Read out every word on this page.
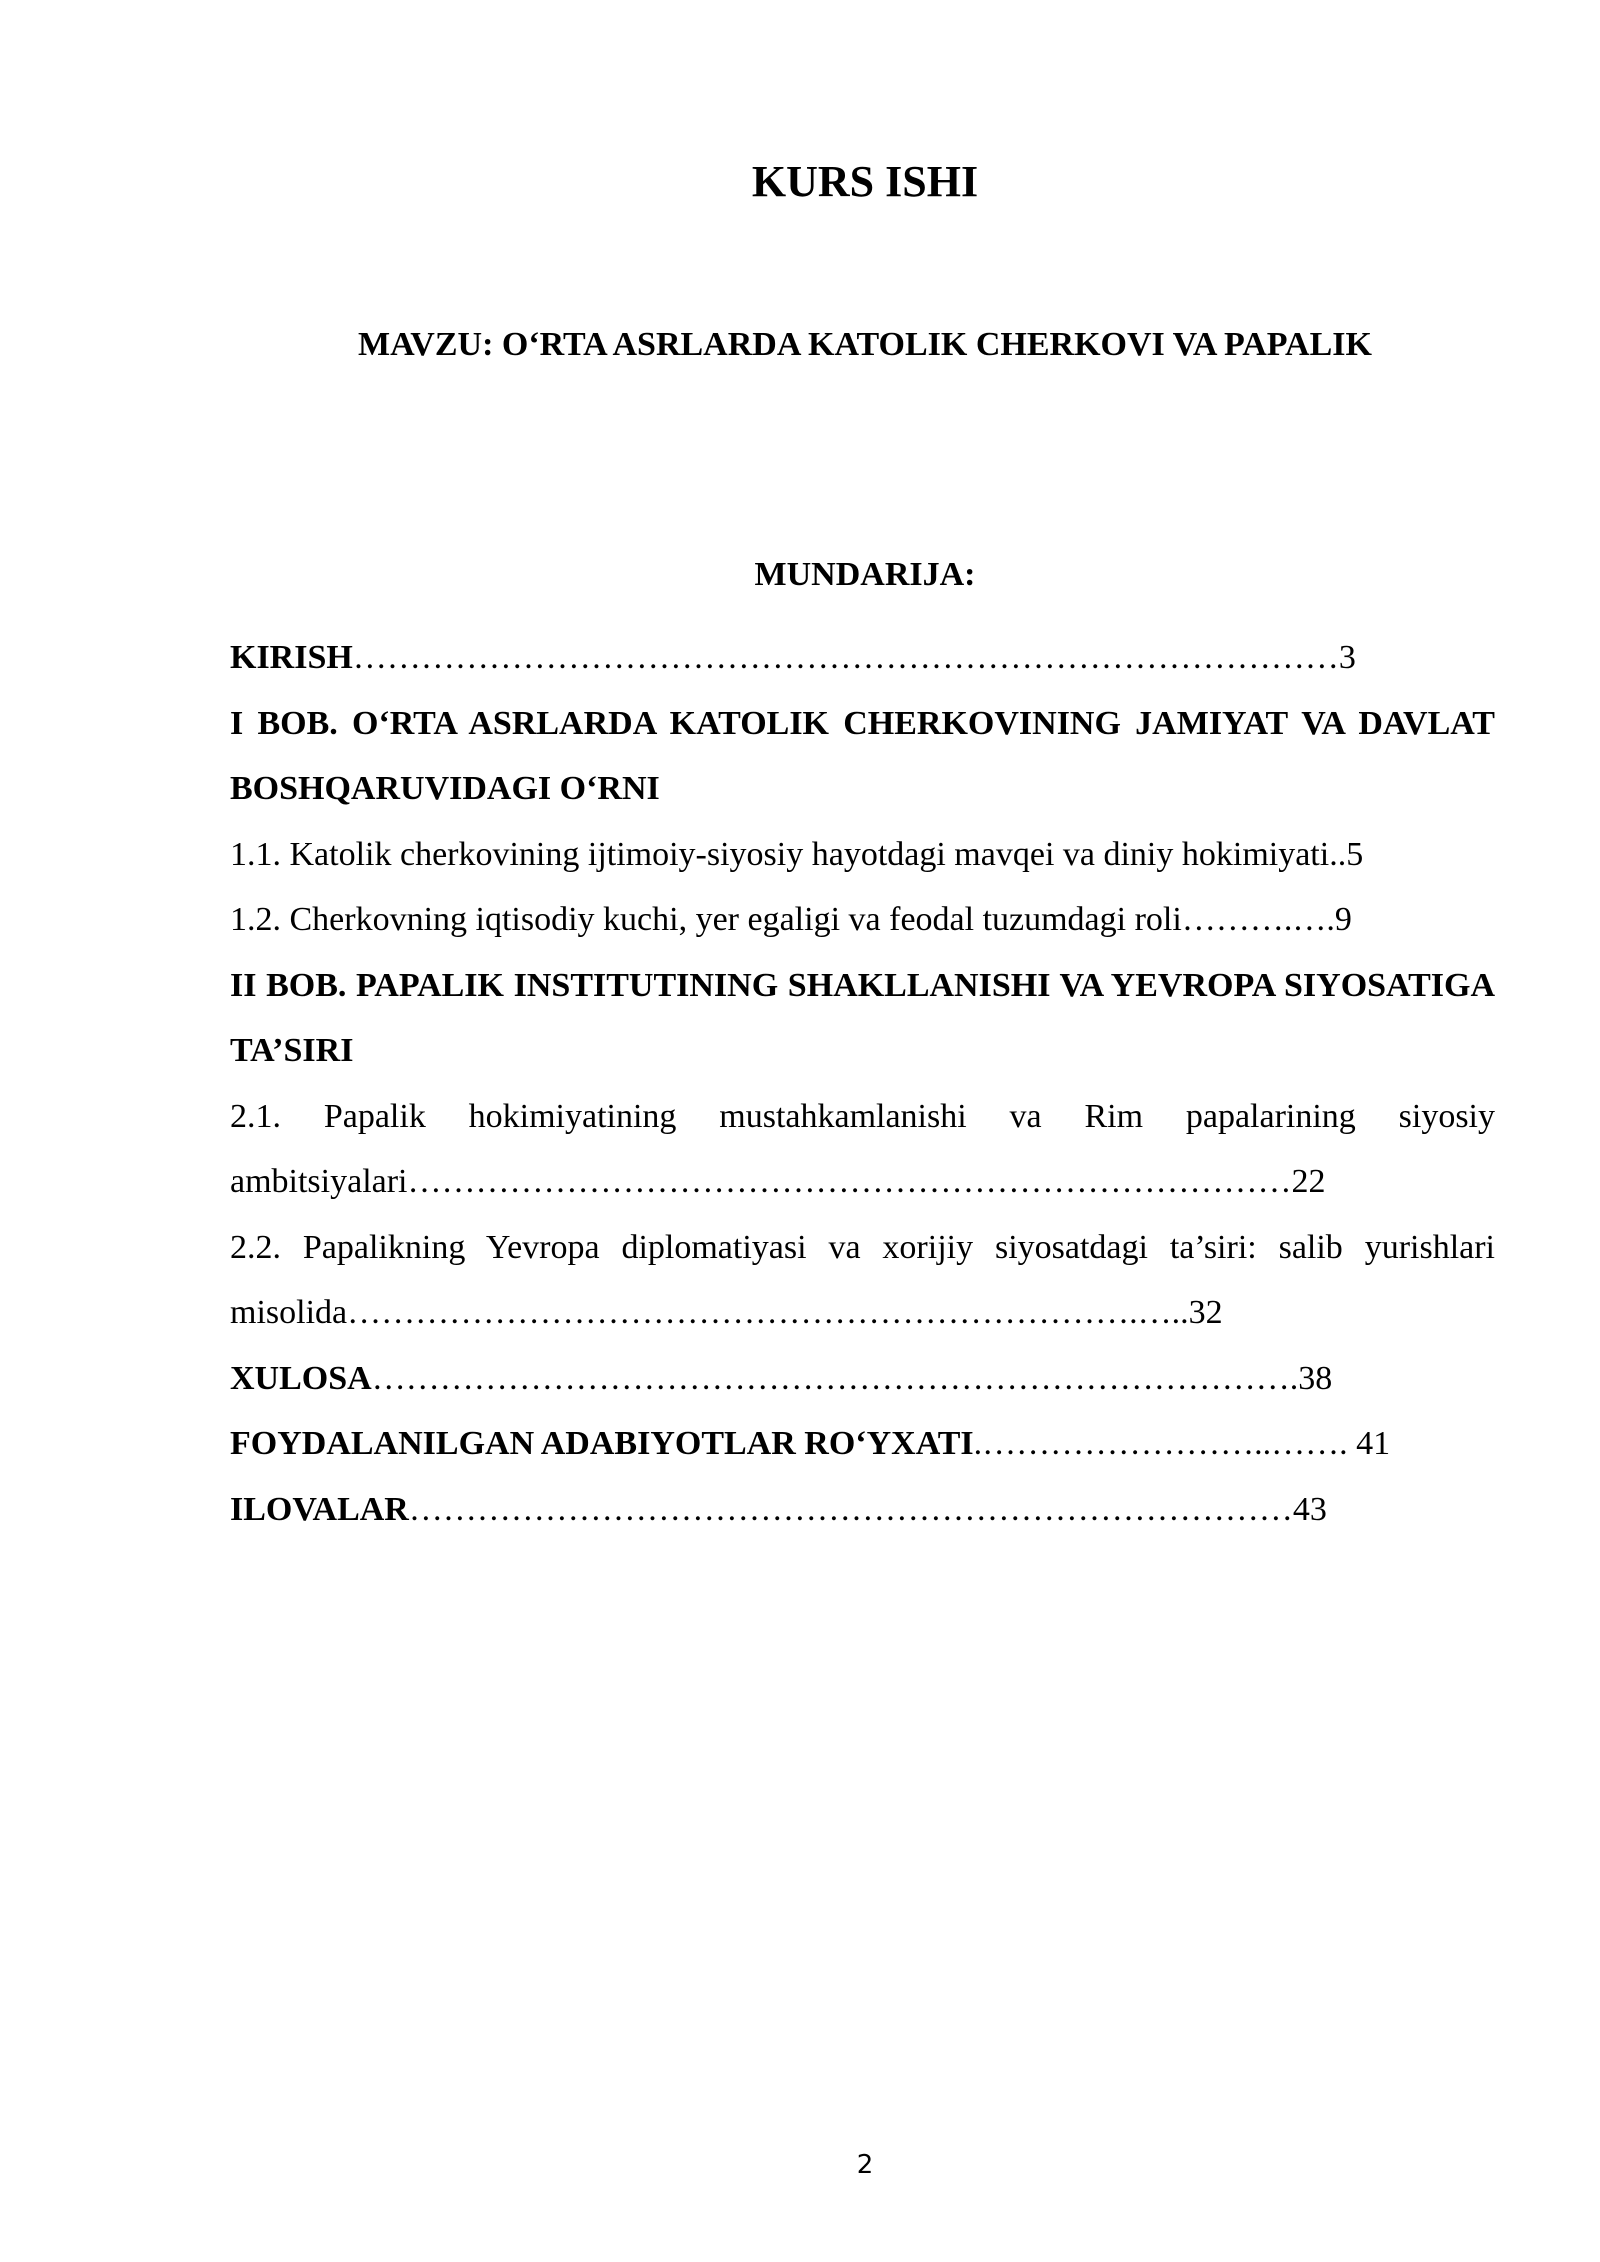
KURS ISHI
MAVZU: O‘RTA ASRLARDA KATOLIK CHERKOVI VA PAPALIK
MUNDARIJA:

KIRISH……………………………………………………………………………3

I BOB. O‘RTA ASRLARDA KATOLIK CHERKOVINING JAMIYAT VA DAVLAT BOSHQARUVIDAGI O‘RNI

1.1. Katolik cherkovining ijtimoiy-siyosiy hayotdagi mavqei va diniy hokimiyati..5

1.2. Cherkovning iqtisodiy kuchi, yer egaligi va feodal tuzumdagi roli……….….9

II BOB. PAPALIK INSTITUTINING SHAKLLANISHI VA YEVROPA SIYOSATIGA TA’SIRI

2.1. Papalik hokimiyatining mustahkamlanishi va Rim papalarining siyosiy ambitsiyalari……………………………………………………………………22

2.2. Papalikning Yevropa diplomatiyasi va xorijiy siyosatdagi ta’siri: salib yurishlari misolida…………………………………………………………….…..32

XULOSA……………………………………………………………………….38

FOYDALANILGAN ADABIYOTLAR RO‘YXATI.……………………..……. 41

ILOVALAR……………………………………………………………………43

2
